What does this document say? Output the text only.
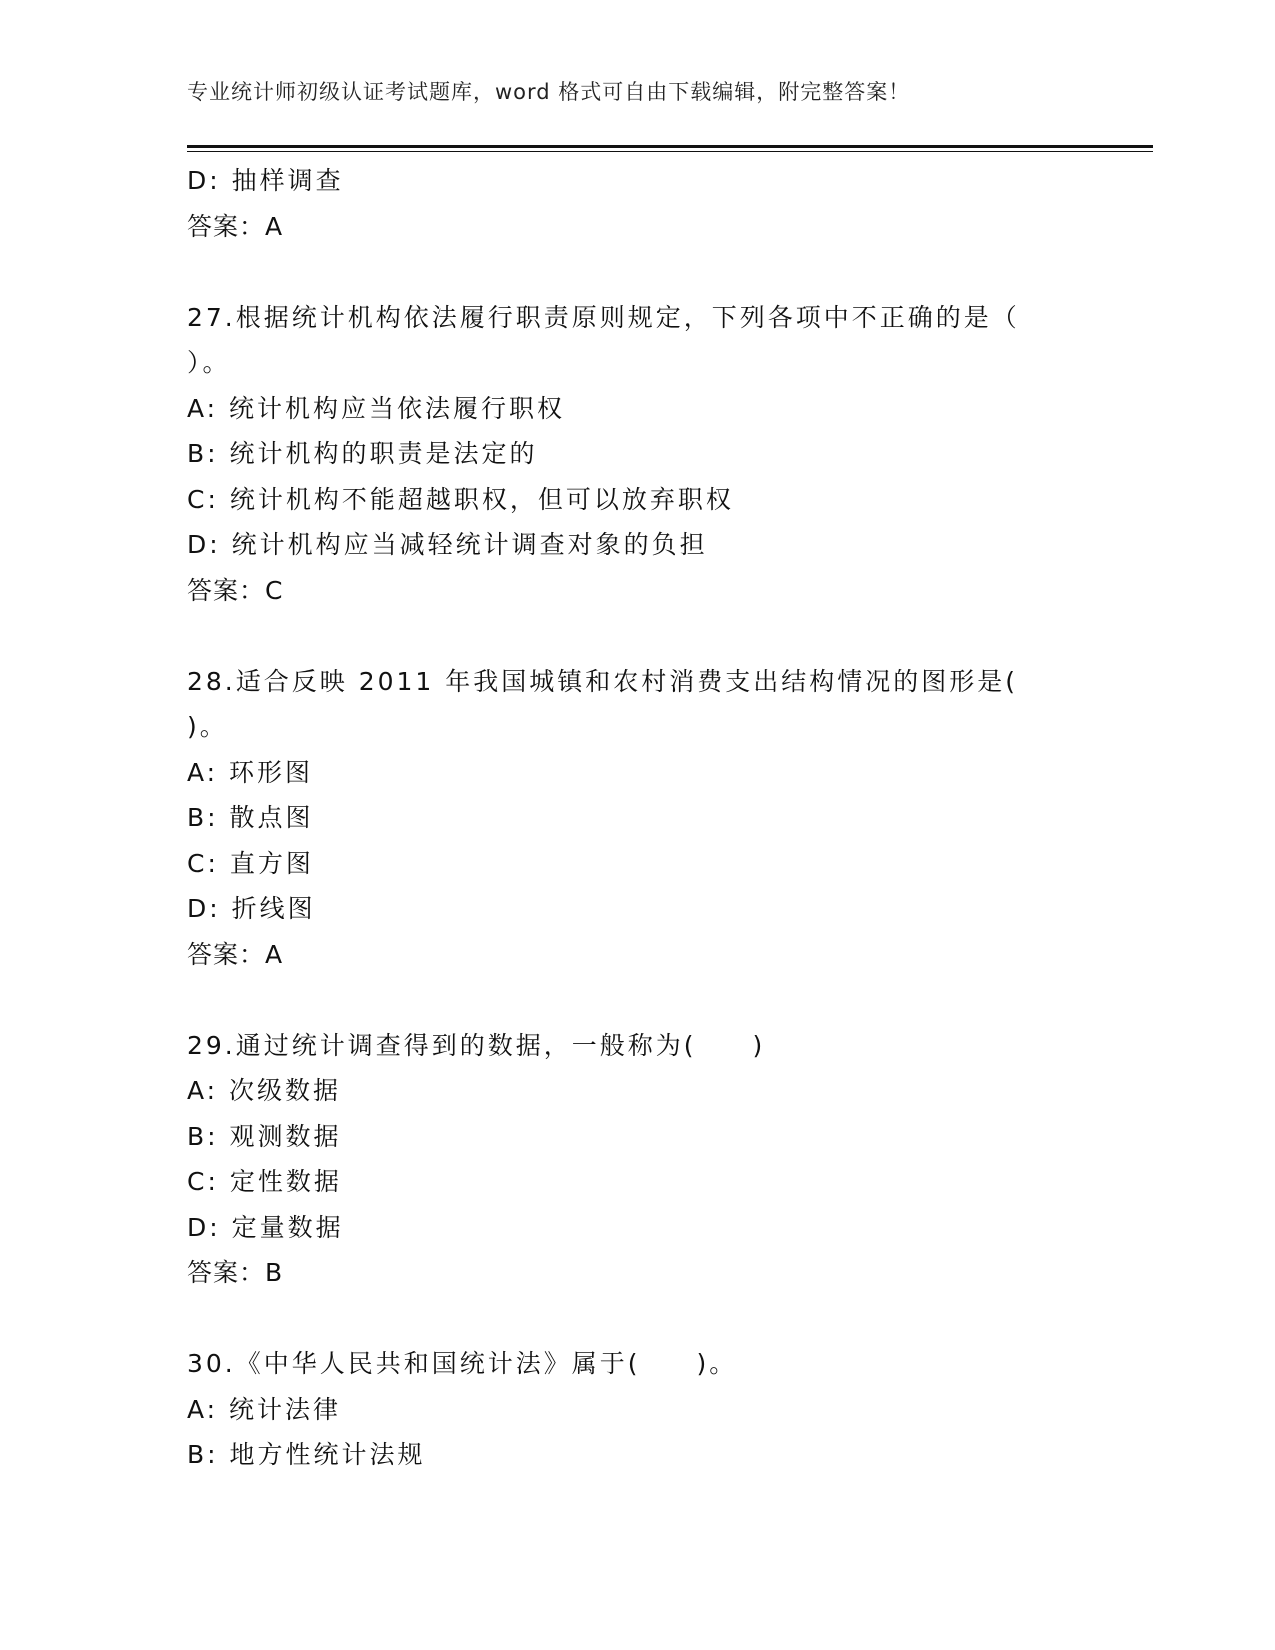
专业统计师初级认证考试题库，word 格式可自由下载编辑，附完整答案！
D: 抽样调查
答案：A
27.根据统计机构依法履行职责原则规定，下列各项中不正确的是（
）。
A: 统计机构应当依法履行职权
B: 统计机构的职责是法定的
C: 统计机构不能超越职权，但可以放弃职权
D: 统计机构应当减轻统计调查对象的负担
答案：C
28.适合反映 2011 年我国城镇和农村消费支出结构情况的图形是(
)。
A: 环形图
B: 散点图
C: 直方图
D: 折线图
答案：A
29.通过统计调查得到的数据，一般称为(　　)
A: 次级数据
B: 观测数据
C: 定性数据
D: 定量数据
答案：B
30.《中华人民共和国统计法》属于(　　)。
A: 统计法律
B: 地方性统计法规
